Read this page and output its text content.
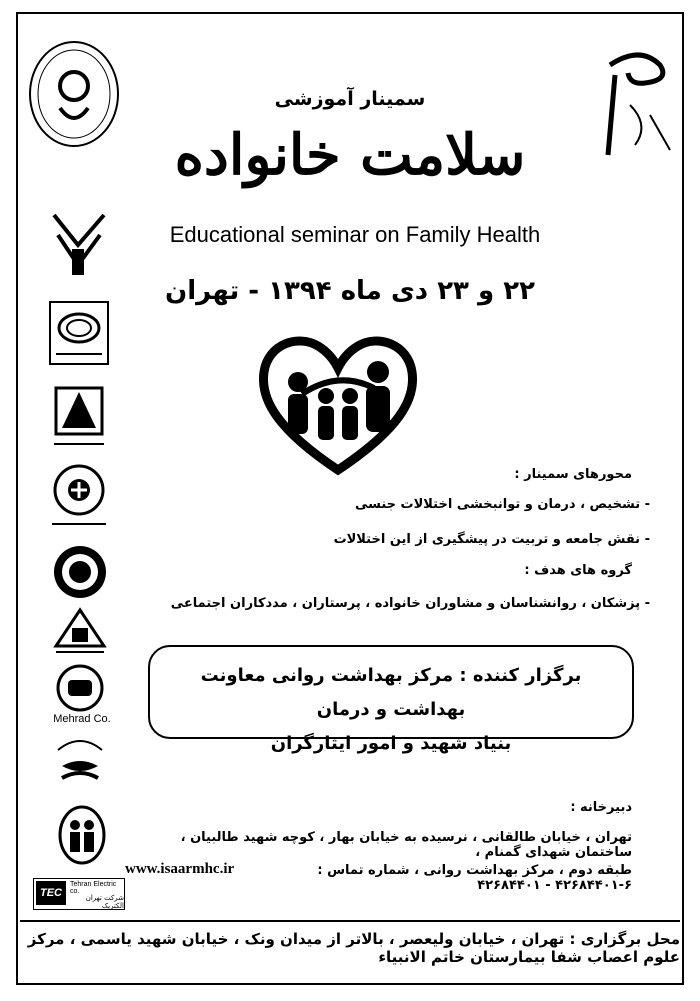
سمینار آموزشی
سلامت خانواده
Educational seminar on Family Health
۲۲ و ۲۳ دی ماه ۱۳۹۴ - تهران
Mehrad Co.
محورهای سمینار :
- تشخیص ، درمان و توانبخشی اختلالات جنسی
- نقش جامعه و تربیت در پیشگیری از این اختلالات
گروه های هدف :
- پزشکان ، روانشناسان و مشاوران خانواده ، پرستاران ، مددکاران اجتماعی
برگزار کننده : مرکز بهداشت روانی معاونت بهداشت و درمان
بنیاد شهید و امور ایثارگران
دبیرخانه :
تهران ، خیابان طالقانی ، نرسیده به خیابان بهار ، کوچه شهید طالبیان ، ساختمان شهدای گمنام ،
طبقه دوم ، مرکز بهداشت روانی ، شماره تماس : ۶-۴۲۶۸۴۴۰۱ - ۴۲۶۸۴۴۰۱
www.isaarmhc.ir
TEC
Tehran Electric co.
شرکت تهران الکتریک
محل برگزاری : تهران ، خیابان ولیعصر ، بالاتر از میدان ونک ، خیابان شهید یاسمی ، مرکز علوم اعصاب شفا بیمارستان خاتم الانبیاء
